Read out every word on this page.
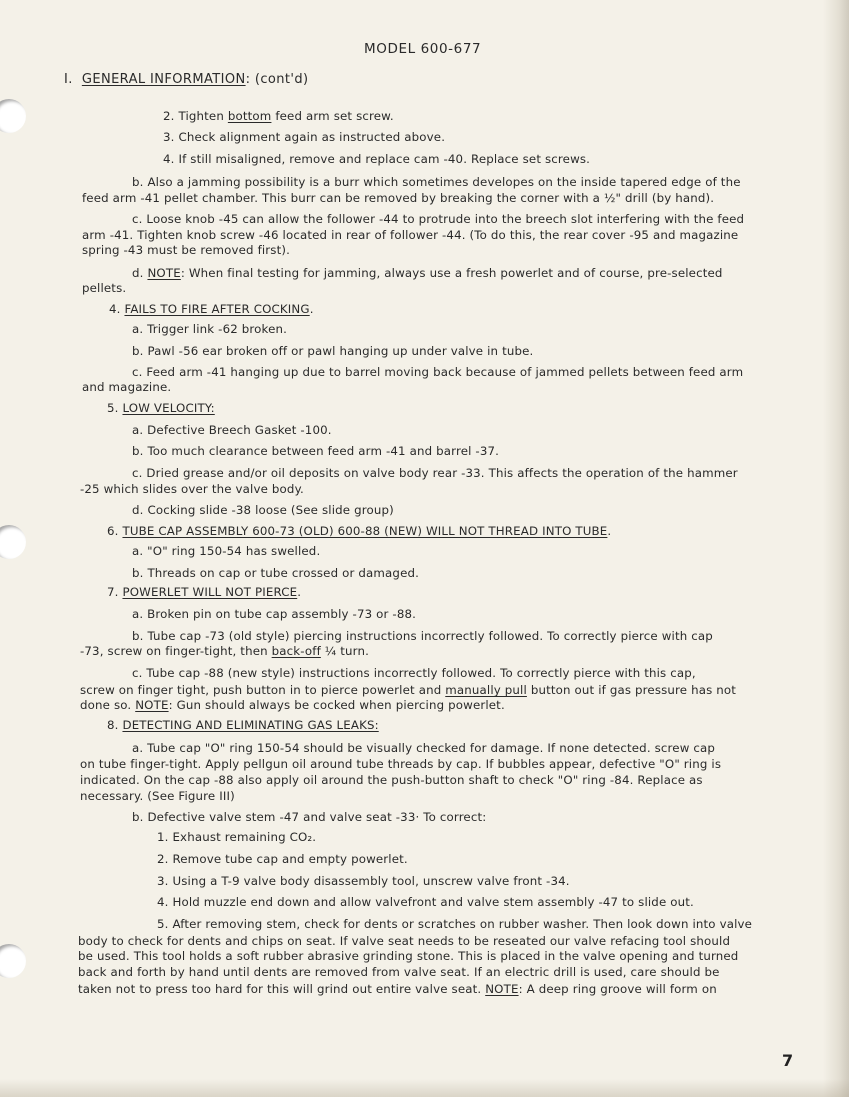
MODEL 600-677
I. GENERAL INFORMATION: (cont'd)
2. Tighten bottom feed arm set screw.
3. Check alignment again as instructed above.
4. If still misaligned, remove and replace cam -40. Replace set screws.
b. Also a jamming possibility is a burr which sometimes developes on the inside tapered edge of the
feed arm -41 pellet chamber. This burr can be removed by breaking the corner with a ½" drill (by hand).
c. Loose knob -45 can allow the follower -44 to protrude into the breech slot interfering with the feed
arm -41. Tighten knob screw -46 located in rear of follower -44. (To do this, the rear cover -95 and magazine
spring -43 must be removed first).
d. NOTE: When final testing for jamming, always use a fresh powerlet and of course, pre-selected
pellets.
4. FAILS TO FIRE AFTER COCKING.
a. Trigger link -62 broken.
b. Pawl -56 ear broken off or pawl hanging up under valve in tube.
c. Feed arm -41 hanging up due to barrel moving back because of jammed pellets between feed arm
and magazine.
5. LOW VELOCITY:
a. Defective Breech Gasket -100.
b. Too much clearance between feed arm -41 and barrel -37.
c. Dried grease and/or oil deposits on valve body rear -33. This affects the operation of the hammer
-25 which slides over the valve body.
d. Cocking slide -38 loose (See slide group)
6. TUBE CAP ASSEMBLY 600-73 (OLD) 600-88 (NEW) WILL NOT THREAD INTO TUBE.
a. "O" ring 150-54 has swelled.
b. Threads on cap or tube crossed or damaged.
7. POWERLET WILL NOT PIERCE.
a. Broken pin on tube cap assembly -73 or -88.
b. Tube cap -73 (old style) piercing instructions incorrectly followed. To correctly pierce with cap
-73, screw on finger-tight, then back-off ¼ turn.
c. Tube cap -88 (new style) instructions incorrectly followed. To correctly pierce with this cap,
screw on finger tight, push button in to pierce powerlet and manually pull button out if gas pressure has not
done so. NOTE: Gun should always be cocked when piercing powerlet.
8. DETECTING AND ELIMINATING GAS LEAKS:
a. Tube cap "O" ring 150-54 should be visually checked for damage. If none detected. screw cap
on tube finger-tight. Apply pellgun oil around tube threads by cap. If bubbles appear, defective "O" ring is
indicated. On the cap -88 also apply oil around the push-button shaft to check "O" ring -84. Replace as
necessary. (See Figure III)
b. Defective valve stem -47 and valve seat -33· To correct:
1. Exhaust remaining CO₂.
2. Remove tube cap and empty powerlet.
3. Using a T-9 valve body disassembly tool, unscrew valve front -34.
4. Hold muzzle end down and allow valvefront and valve stem assembly -47 to slide out.
5. After removing stem, check for dents or scratches on rubber washer. Then look down into valve
body to check for dents and chips on seat. If valve seat needs to be reseated our valve refacing tool should
be used. This tool holds a soft rubber abrasive grinding stone. This is placed in the valve opening and turned
back and forth by hand until dents are removed from valve seat. If an electric drill is used, care should be
taken not to press too hard for this will grind out entire valve seat. NOTE: A deep ring groove will form on
7
